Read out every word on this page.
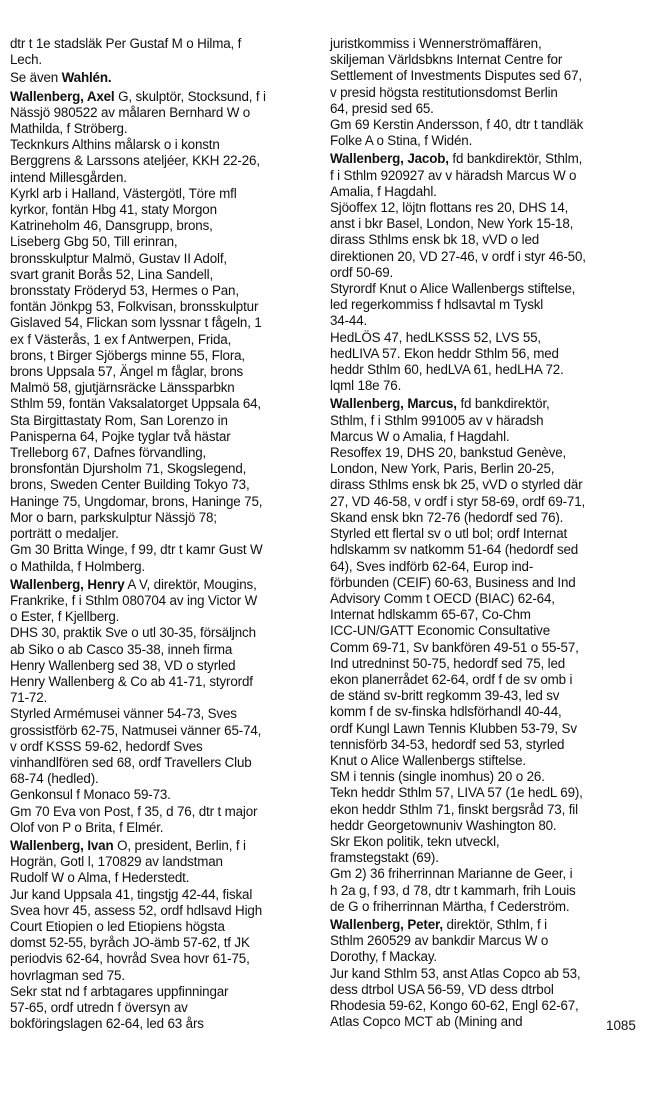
dtr t 1e stadsläk Per Gustaf M o Hilma, f
Lech.
Se även Wahlén.
Wallenberg, Axel G, skulptör, Stocksund, f i
Nässjö 980522 av målaren Bernhard W o
Mathilda, f Ströberg.
Tecknkurs Althins målarsk o i konstn
Berggrens & Larssons ateljéer, KKH 22-26,
intend Millesgården.
Kyrkl arb i Halland, Västergötl, Töre mfl
kyrkor, fontän Hbg 41, staty Morgon
Katrineholm 46, Dansgrupp, brons,
Liseberg Gbg 50, Till erinran,
bronsskulptur Malmö, Gustav II Adolf,
svart granit Borås 52, Lina Sandell,
bronsstaty Fröderyd 53, Hermes o Pan,
fontän Jönkpg 53, Folkvisan, bronsskulptur
Gislaved 54, Flickan som lyssnar t fågeln, 1
ex f Västerås, 1 ex f Antwerpen, Frida,
brons, t Birger Sjöbergs minne 55, Flora,
brons Uppsala 57, Ängel m fåglar, brons
Malmö 58, gjutjärnsräcke Länssparbkn
Sthlm 59, fontän Vaksalatorget Uppsala 64,
Sta Birgittastaty Rom, San Lorenzo in
Panisperna 64, Pojke tyglar två hästar
Trelleborg 67, Dafnes förvandling,
bronsfontän Djursholm 71, Skogslegend,
brons, Sweden Center Building Tokyo 73,
Haninge 75, Ungdomar, brons, Haninge 75,
Mor o barn, parkskulptur Nässjö 78;
porträtt o medaljer.
Gm 30 Britta Winge, f 99, dtr t kamr Gust W
o Mathilda, f Holmberg.
Wallenberg, Henry A V, direktör, Mougins,
Frankrike, f i Sthlm 080704 av ing Victor W
o Ester, f Kjellberg.
DHS 30, praktik Sve o utl 30-35, försäljnch
ab Siko o ab Casco 35-38, inneh firma
Henry Wallenberg sed 38, VD o styrled
Henry Wallenberg & Co ab 41-71, styrordf
71-72.
Styrled Armémusei vänner 54-73, Sves
grossistförb 62-75, Natmusei vänner 65-74,
v ordf KSSS 59-62, hedordf Sves
vinhandlfören sed 68, ordf Travellers Club
68-74 (hedled).
Genkonsul f Monaco 59-73.
Gm 70 Eva von Post, f 35, d 76, dtr t major
Olof von P o Brita, f Elmér.
Wallenberg, Ivan O, president, Berlin, f i
Hogrän, Gotl l, 170829 av landstman
Rudolf W o Alma, f Hederstedt.
Jur kand Uppsala 41, tingstjg 42-44, fiskal
Svea hovr 45, assess 52, ordf hdlsavd High
Court Etiopien o led Etiopiens högsta
domst 52-55, byråch JO-ämb 57-62, tf JK
periodvis 62-64, hovråd Svea hovr 61-75,
hovrlagman sed 75.
Sekr stat nd f arbtagares uppfinningar
57-65, ordf utredn f översyn av
bokföringslagen 62-64, led 63 års
juristkommiss i Wennerströmaffären,
skiljeman Världsbkns Internat Centre for
Settlement of Investments Disputes sed 67,
v presid högsta restitutionsdomst Berlin
64, presid sed 65.
Gm 69 Kerstin Andersson, f 40, dtr t tandläk
Folke A o Stina, f Widén.
Wallenberg, Jacob, fd bankdirektör, Sthlm,
f i Sthlm 920927 av v häradsh Marcus W o
Amalia, f Hagdahl.
Sjöoffex 12, löjtn flottans res 20, DHS 14,
anst i bkr Basel, London, New York 15-18,
dirass Sthlms ensk bk 18, vVD o led
direktionen 20, VD 27-46, v ordf i styr 46-50,
ordf 50-69.
Styrordf Knut o Alice Wallenbergs stiftelse,
led regerkommiss f hdlsavtal m Tyskl
34-44.
HedLÖS 47, hedLKSSS 52, LVS 55,
hedLIVA 57. Ekon heddr Sthlm 56, med
heddr Sthlm 60, hedLVA 61, hedLHA 72.
lqml 18e 76.
Wallenberg, Marcus, fd bankdirektör,
Sthlm, f i Sthlm 991005 av v häradsh
Marcus W o Amalia, f Hagdahl.
Resoffex 19, DHS 20, bankstud Genève,
London, New York, Paris, Berlin 20-25,
dirass Sthlms ensk bk 25, vVD o styrled där
27, VD 46-58, v ordf i styr 58-69, ordf 69-71,
Skand ensk bkn 72-76 (hedordf sed 76).
Styrled ett flertal sv o utl bol; ordf Internat
hdlskamm sv natkomm 51-64 (hedordf sed
64), Sves indförb 62-64, Europ ind-
förbunden (CEIF) 60-63, Business and Ind
Advisory Comm t OECD (BIAC) 62-64,
Internat hdlskamm 65-67, Co-Chm
ICC-UN/GATT Economic Consultative
Comm 69-71, Sv bankfören 49-51 o 55-57,
Ind utredninst 50-75, hedordf sed 75, led
ekon planerrådet 62-64, ordf f de sv omb i
de ständ sv-britt regkomm 39-43, led sv
komm f de sv-finska hdlsförhandl 40-44,
ordf Kungl Lawn Tennis Klubben 53-79, Sv
tennisförb 34-53, hedordf sed 53, styrled
Knut o Alice Wallenbergs stiftelse.
SM i tennis (single inomhus) 20 o 26.
Tekn heddr Sthlm 57, LIVA 57 (1e hedL 69),
ekon heddr Sthlm 71, finskt bergsråd 73, fil
heddr Georgetownuniv Washington 80.
Skr Ekon politik, tekn utveckl,
framstegstakt (69).
Gm 2) 36 friherrinnan Marianne de Geer, i
h 2a g, f 93, d 78, dtr t kammarh, frih Louis
de G o friherrinnan Märtha, f Cederström.
Wallenberg, Peter, direktör, Sthlm, f i
Sthlm 260529 av bankdir Marcus W o
Dorothy, f Mackay.
Jur kand Sthlm 53, anst Atlas Copco ab 53,
dess dtrbol USA 56-59, VD dess dtrbol
Rhodesia 59-62, Kongo 60-62, Engl 62-67,
Atlas Copco MCT ab (Mining and	1085
